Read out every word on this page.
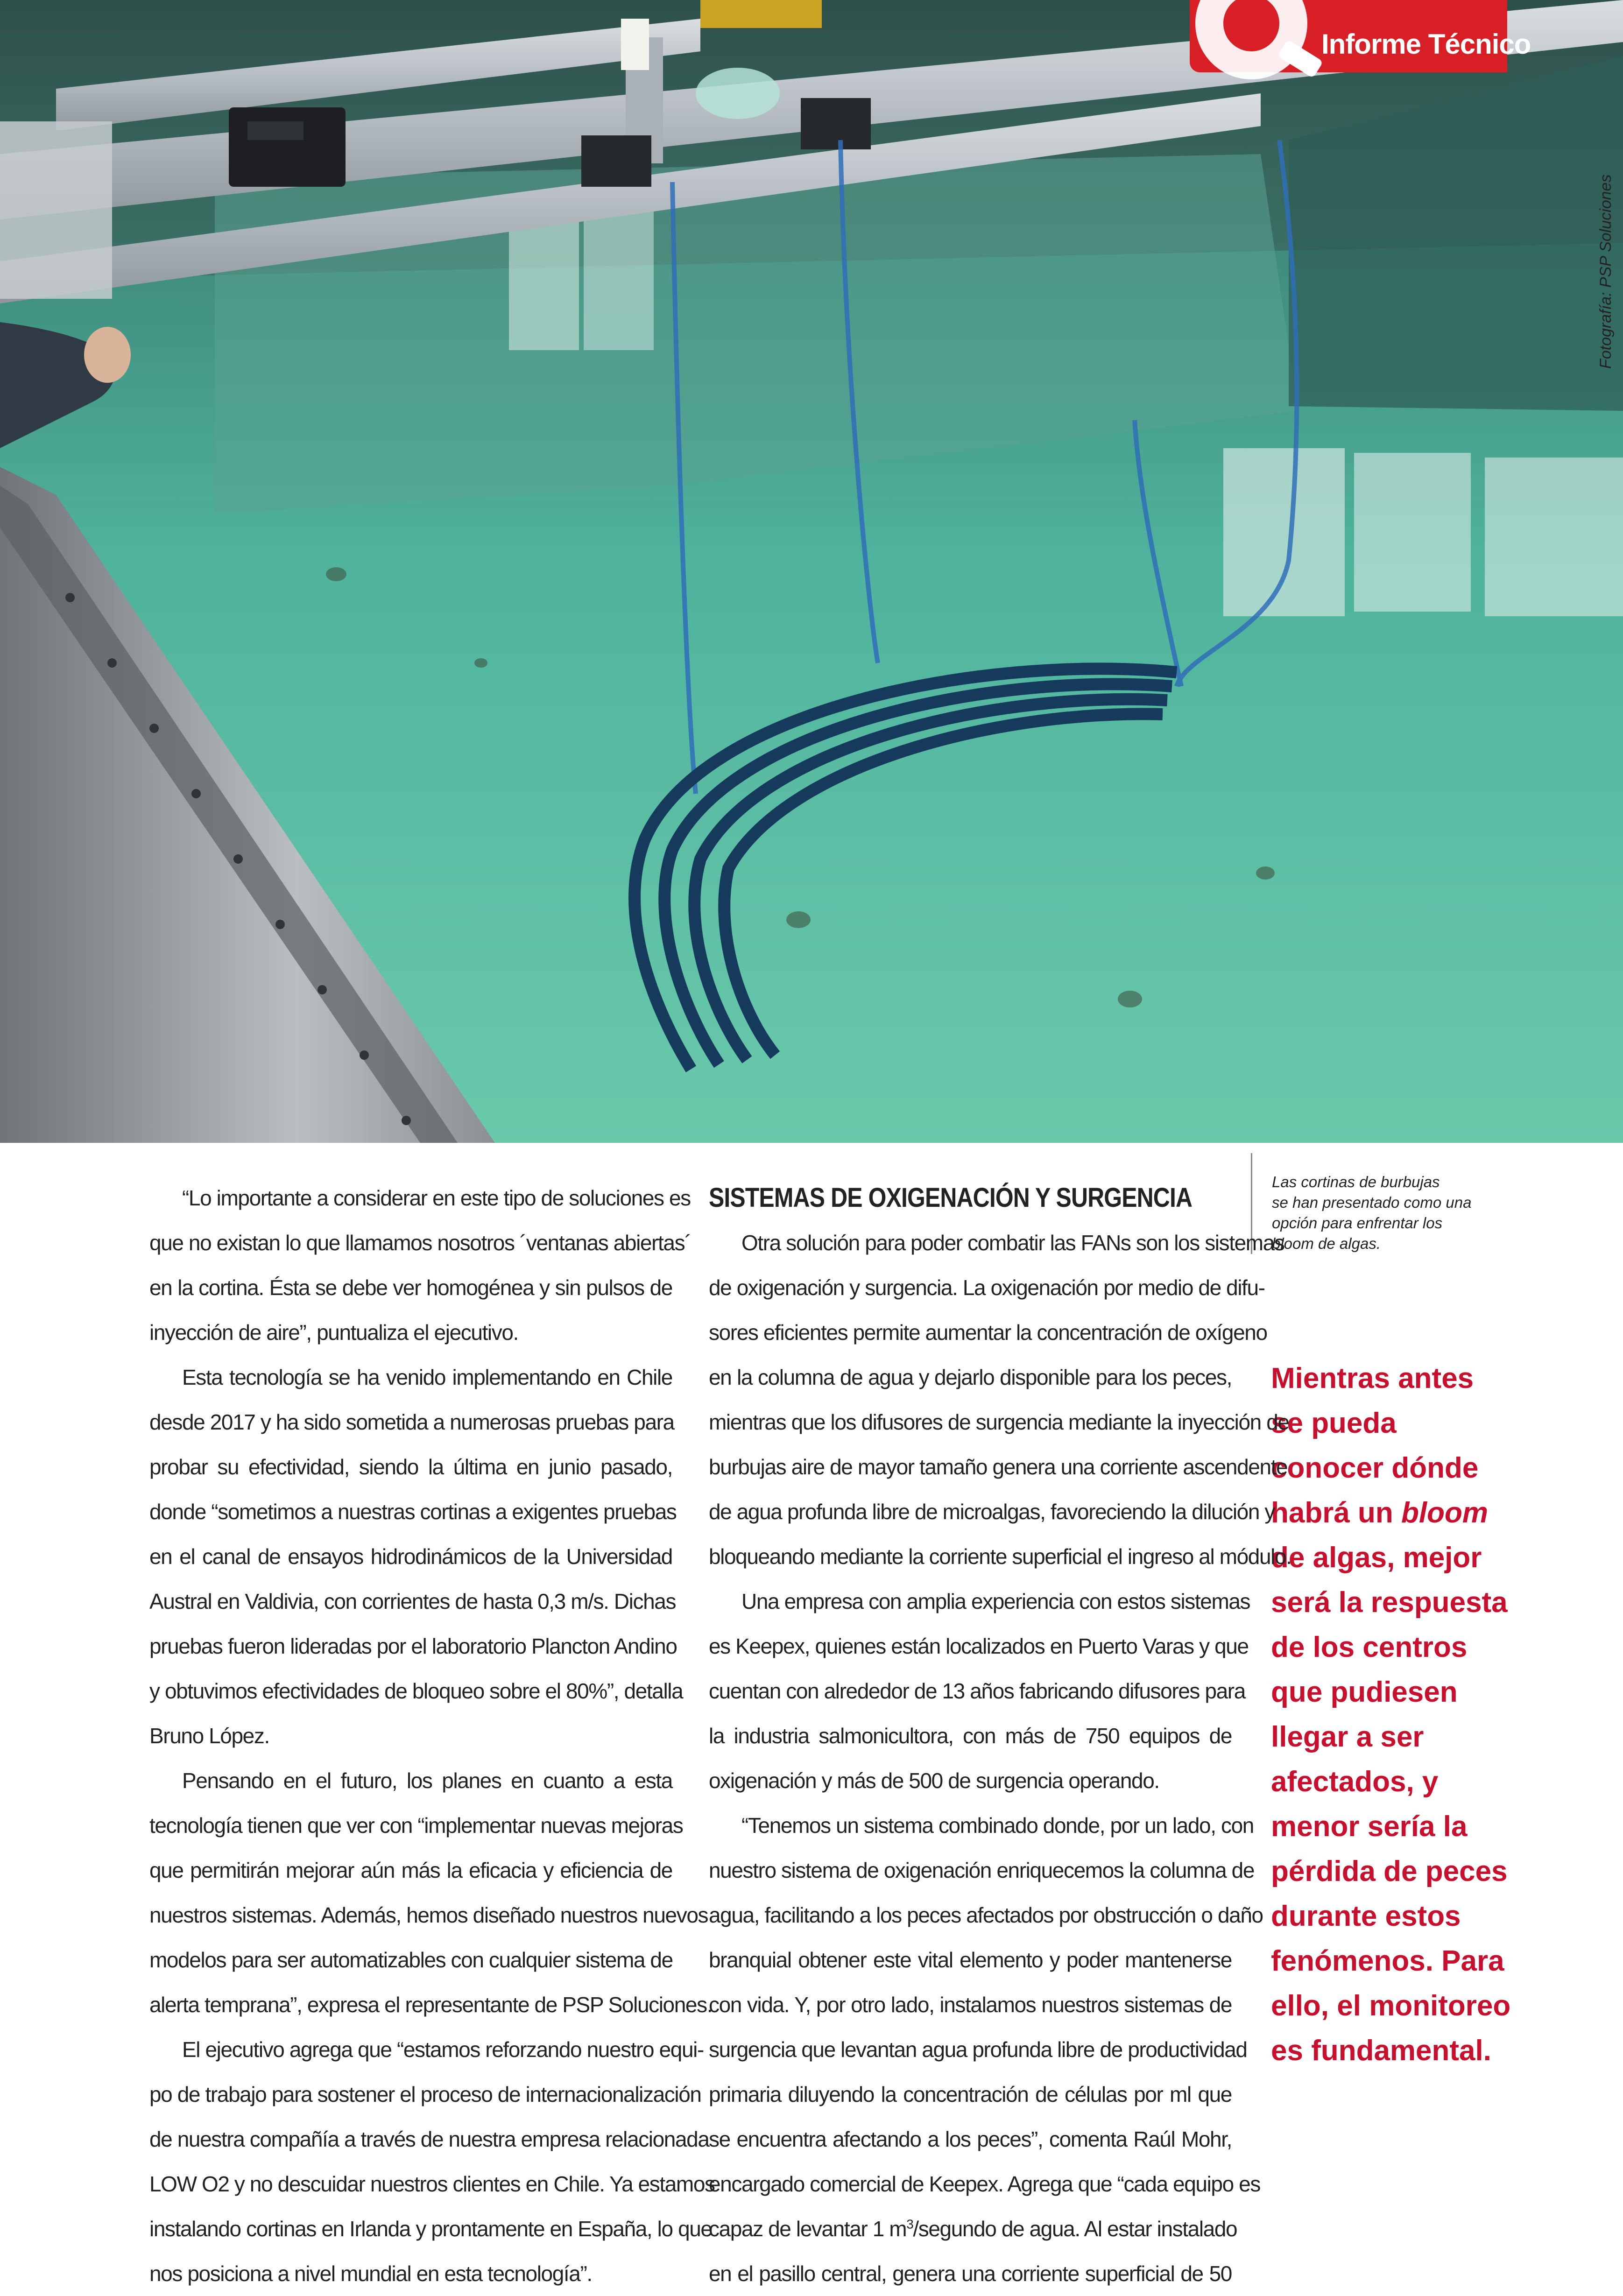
Informe Técnico
Fotografía: PSP Soluciones
Las cortinas de burbujas
se han presentado como una
opción para enfrentar los
bloom de algas.
Mientras antes
se pueda
conocer dónde
habrá un bloom
de algas, mejor
será la respuesta
de los centros
que pudiesen
llegar a ser
afectados, y
menor sería la
pérdida de peces
durante estos
fenómenos. Para
ello, el monitoreo
es fundamental.
“Lo importante a considerar en este tipo de soluciones es
que no existan lo que llamamos nosotros ´ventanas abiertas´
en la cortina. Ésta se debe ver homogénea y sin pulsos de
inyección de aire”, puntualiza el ejecutivo.
Esta tecnología se ha venido implementando en Chile
desde 2017 y ha sido sometida a numerosas pruebas para
probar su efectividad, siendo la última en junio pasado,
donde “sometimos a nuestras cortinas a exigentes pruebas
en el canal de ensayos hidrodinámicos de la Universidad
Austral en Valdivia, con corrientes de hasta 0,3 m/s. Dichas
pruebas fueron lideradas por el laboratorio Plancton Andino
y obtuvimos efectividades de bloqueo sobre el 80%”, detalla
Bruno López.
Pensando en el futuro, los planes en cuanto a esta
tecnología tienen que ver con “implementar nuevas mejoras
que permitirán mejorar aún más la eficacia y eficiencia de
nuestros sistemas. Además, hemos diseñado nuestros nuevos
modelos para ser automatizables con cualquier sistema de
alerta temprana”, expresa el representante de PSP Soluciones.
El ejecutivo agrega que “estamos reforzando nuestro equi-
po de trabajo para sostener el proceso de internacionalización
de nuestra compañía a través de nuestra empresa relacionada
LOW O2 y no descuidar nuestros clientes en Chile. Ya estamos
instalando cortinas en Irlanda y prontamente en España, lo que
nos posiciona a nivel mundial en esta tecnología”.
SISTEMAS DE OXIGENACIÓN Y SURGENCIA
Otra solución para poder combatir las FANs son los sistemas
de oxigenación y surgencia. La oxigenación por medio de difu-
sores eficientes permite aumentar la concentración de oxígeno
en la columna de agua y dejarlo disponible para los peces,
mientras que los difusores de surgencia mediante la inyección de
burbujas aire de mayor tamaño genera una corriente ascendente
de agua profunda libre de microalgas, favoreciendo la dilución y
bloqueando mediante la corriente superficial el ingreso al módulo.
Una empresa con amplia experiencia con estos sistemas
es Keepex, quienes están localizados en Puerto Varas y que
cuentan con alrededor de 13 años fabricando difusores para
la industria salmonicultora, con más de 750 equipos de
oxigenación y más de 500 de surgencia operando.
“Tenemos un sistema combinado donde, por un lado, con
nuestro sistema de oxigenación enriquecemos la columna de
agua, facilitando a los peces afectados por obstrucción o daño
branquial obtener este vital elemento y poder mantenerse
con vida. Y, por otro lado, instalamos nuestros sistemas de
surgencia que levantan agua profunda libre de productividad
primaria diluyendo la concentración de células por ml que
se encuentra afectando a los peces”, comenta Raúl Mohr,
encargado comercial de Keepex. Agrega que “cada equipo es
capaz de levantar 1 $m^3$/segundo de agua. Al estar instalado
en el pasillo central, genera una corriente superficial de 50
